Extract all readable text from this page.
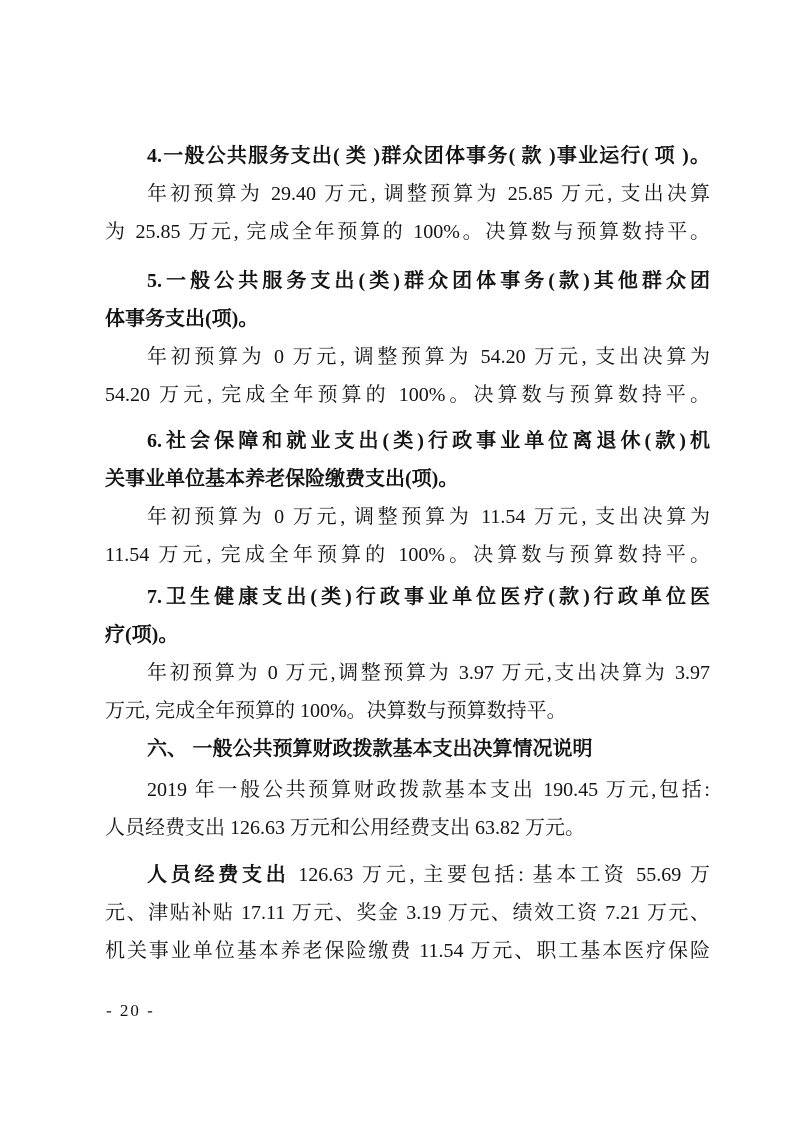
4.一般公共服务支出( 类 )群众团体事务( 款 )事业运行( 项 )。
年初预算为 29.40 万元, 调整预算为 25.85 万元, 支出决算
为 25.85 万元, 完成全年预算的 100%。决算数与预算数持平。
5.一般公共服务支出(类)群众团体事务(款)其他群众团
体事务支出(项)。
年初预算为 0 万元, 调整预算为 54.20 万元, 支出决算为
54.20 万元, 完成全年预算的 100%。决算数与预算数持平。
6.社会保障和就业支出(类)行政事业单位离退休(款)机
关事业单位基本养老保险缴费支出(项)。
年初预算为 0 万元, 调整预算为 11.54 万元, 支出决算为
11.54 万元, 完成全年预算的 100%。决算数与预算数持平。
7.卫生健康支出(类)行政事业单位医疗(款)行政单位医
疗(项)。
年初预算为 0 万元,调整预算为 3.97 万元,支出决算为 3.97
万元, 完成全年预算的 100%。决算数与预算数持平。
六、 一般公共预算财政拨款基本支出决算情况说明
2019 年一般公共预算财政拨款基本支出 190.45 万元,包括:
人员经费支出 126.63 万元和公用经费支出 63.82 万元。
人员经费支出 126.63 万元, 主要包括: 基本工资 55.69 万
元、津贴补贴 17.11 万元、奖金 3.19 万元、绩效工资 7.21 万元、
机关事业单位基本养老保险缴费 11.54 万元、职工基本医疗保险
- 20 -
